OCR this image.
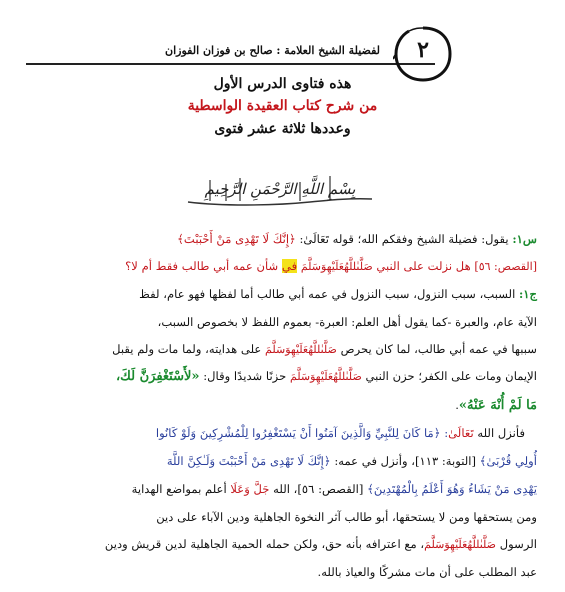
لفضيلة الشيخ العلامة : صالح بن فوزان الفوزان	٢
هذه فتاوى الدرس الأول
من شرح كتاب العقيدة الواسطية
وعددها ثلاثة عشر فتوى
بِسْمِ اللَّهِ الرَّحْمَنِ الرَّحِيمِ
س١: يقول: فضيلة الشيخ وفقكم الله؛ قوله تَعَالَىٰ: ﴿إِنَّكَ لَا تَهْدِى مَنْ أَحْبَبْتَ﴾
[القصص: ٥٦] هل نزلت على النبي صَلَّىٰللَّهُعَلَيْهِوَسَلَّمَ في شأن عمه أبي طالب فقط أم لا؟
ج١: السبب، سبب النزول، سبب النزول في عمه أبي طالب أما لفظها فهو عام، لفظ
الآية عام، والعبرة -كما يقول أهل العلم: العبرة- بعموم اللفظ لا بخصوص السبب،
سببها في عمه أبي طالب، لما كان يحرص صَلَّىٰللَّهُعَلَيْهِوَسَلَّمَ على هدايته، ولما مات ولم يقبل
الإيمان ومات على الكفر؛ حزن النبي صَلَّىٰللَّهُعَلَيْهِوَسَلَّمَ حزنًا شديدًا وقال: «لأَسْتَغْفِرَنَّ لَكَ،
مَا لَمْ أُنْهَ عَنْهُ».
فأنزل الله تَعَالَىٰ: ﴿مَا كَانَ لِلنَّبِيِّ وَالَّذِينَ آمَنُوا أَنْ يَسْتَغْفِرُوا لِلْمُشْرِكِينَ وَلَوْ كَانُوا
أُولِي قُرْبَىٰ﴾ [التوبة: ١١٣]، وأنزل في عمه: ﴿إِنَّكَ لَا تَهْدِى مَنْ أَحْبَبْتَ وَلَـٰكِنَّ اللَّهَ
يَهْدِى مَنْ يَشَاءُ وَهُوَ أَعْلَمُ بِالْمُهْتَدِينَ﴾ [القصص: ٥٦]، الله جَلَّ وَعَلَا أعلم بمواضع الهداية
ومن يستحقها ومن لا يستحقها، أبو طالب آثر النخوة الجاهلية ودين الآباء على دين
الرسول صَلَّىٰللَّهُعَلَيْهِوَسَلَّمَ، مع اعترافه بأنه حق، ولكن حمله الحمية الجاهلية لدين قريش ودين
عبد المطلب على أن مات مشركًا والعياذ بالله.
